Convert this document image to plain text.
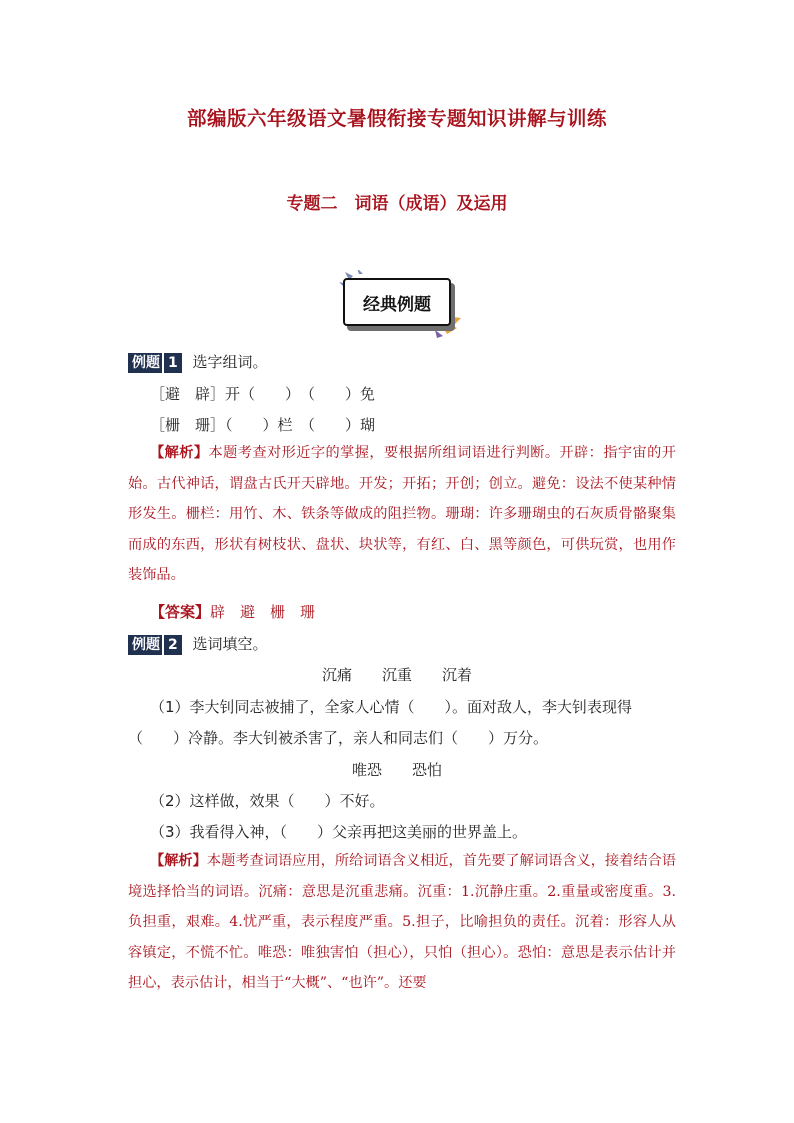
部编版六年级语文暑假衔接专题知识讲解与训练
专题二　词语（成语）及运用
经典例题
例题 1 选字组词。
［避　辟］开（　　）　（　　）免
［栅　珊］（　　）栏　（　　）瑚
【解析】本题考查对形近字的掌握，要根据所组词语进行判断。开辟：指宇宙的开始。古代神话，谓盘古氏开天辟地。开发；开拓；开创；创立。避免：设法不使某种情形发生。栅栏：用竹、木、铁条等做成的阻拦物。珊瑚：许多珊瑚虫的石灰质骨骼聚集而成的东西，形状有树枝状、盘状、块状等，有红、白、黑等颜色，可供玩赏，也用作装饰品。
【答案】辟　避　栅　珊
例题 2 选词填空。
沉痛　　沉重　　沉着
（1）李大钊同志被捕了，全家人心情（　　）。面对敌人，李大钊表现得
（　　）冷静。李大钊被杀害了，亲人和同志们（　　）万分。
唯恐　　恐怕
（2）这样做，效果（　　）不好。
（3）我看得入神，（　　）父亲再把这美丽的世界盖上。
【解析】本题考查词语应用，所给词语含义相近，首先要了解词语含义，接着结合语境选择恰当的词语。沉痛：意思是沉重悲痛。沉重：1.沉静庄重。2.重量或密度重。3.负担重，艰难。4.忧严重，表示程度严重。5.担子，比喻担负的责任。沉着：形容人从容镇定，不慌不忙。唯恐：唯独害怕（担心），只怕（担心）。恐怕：意思是表示估计并担心，表示估计，相当于“大概”、“也许”。还要
